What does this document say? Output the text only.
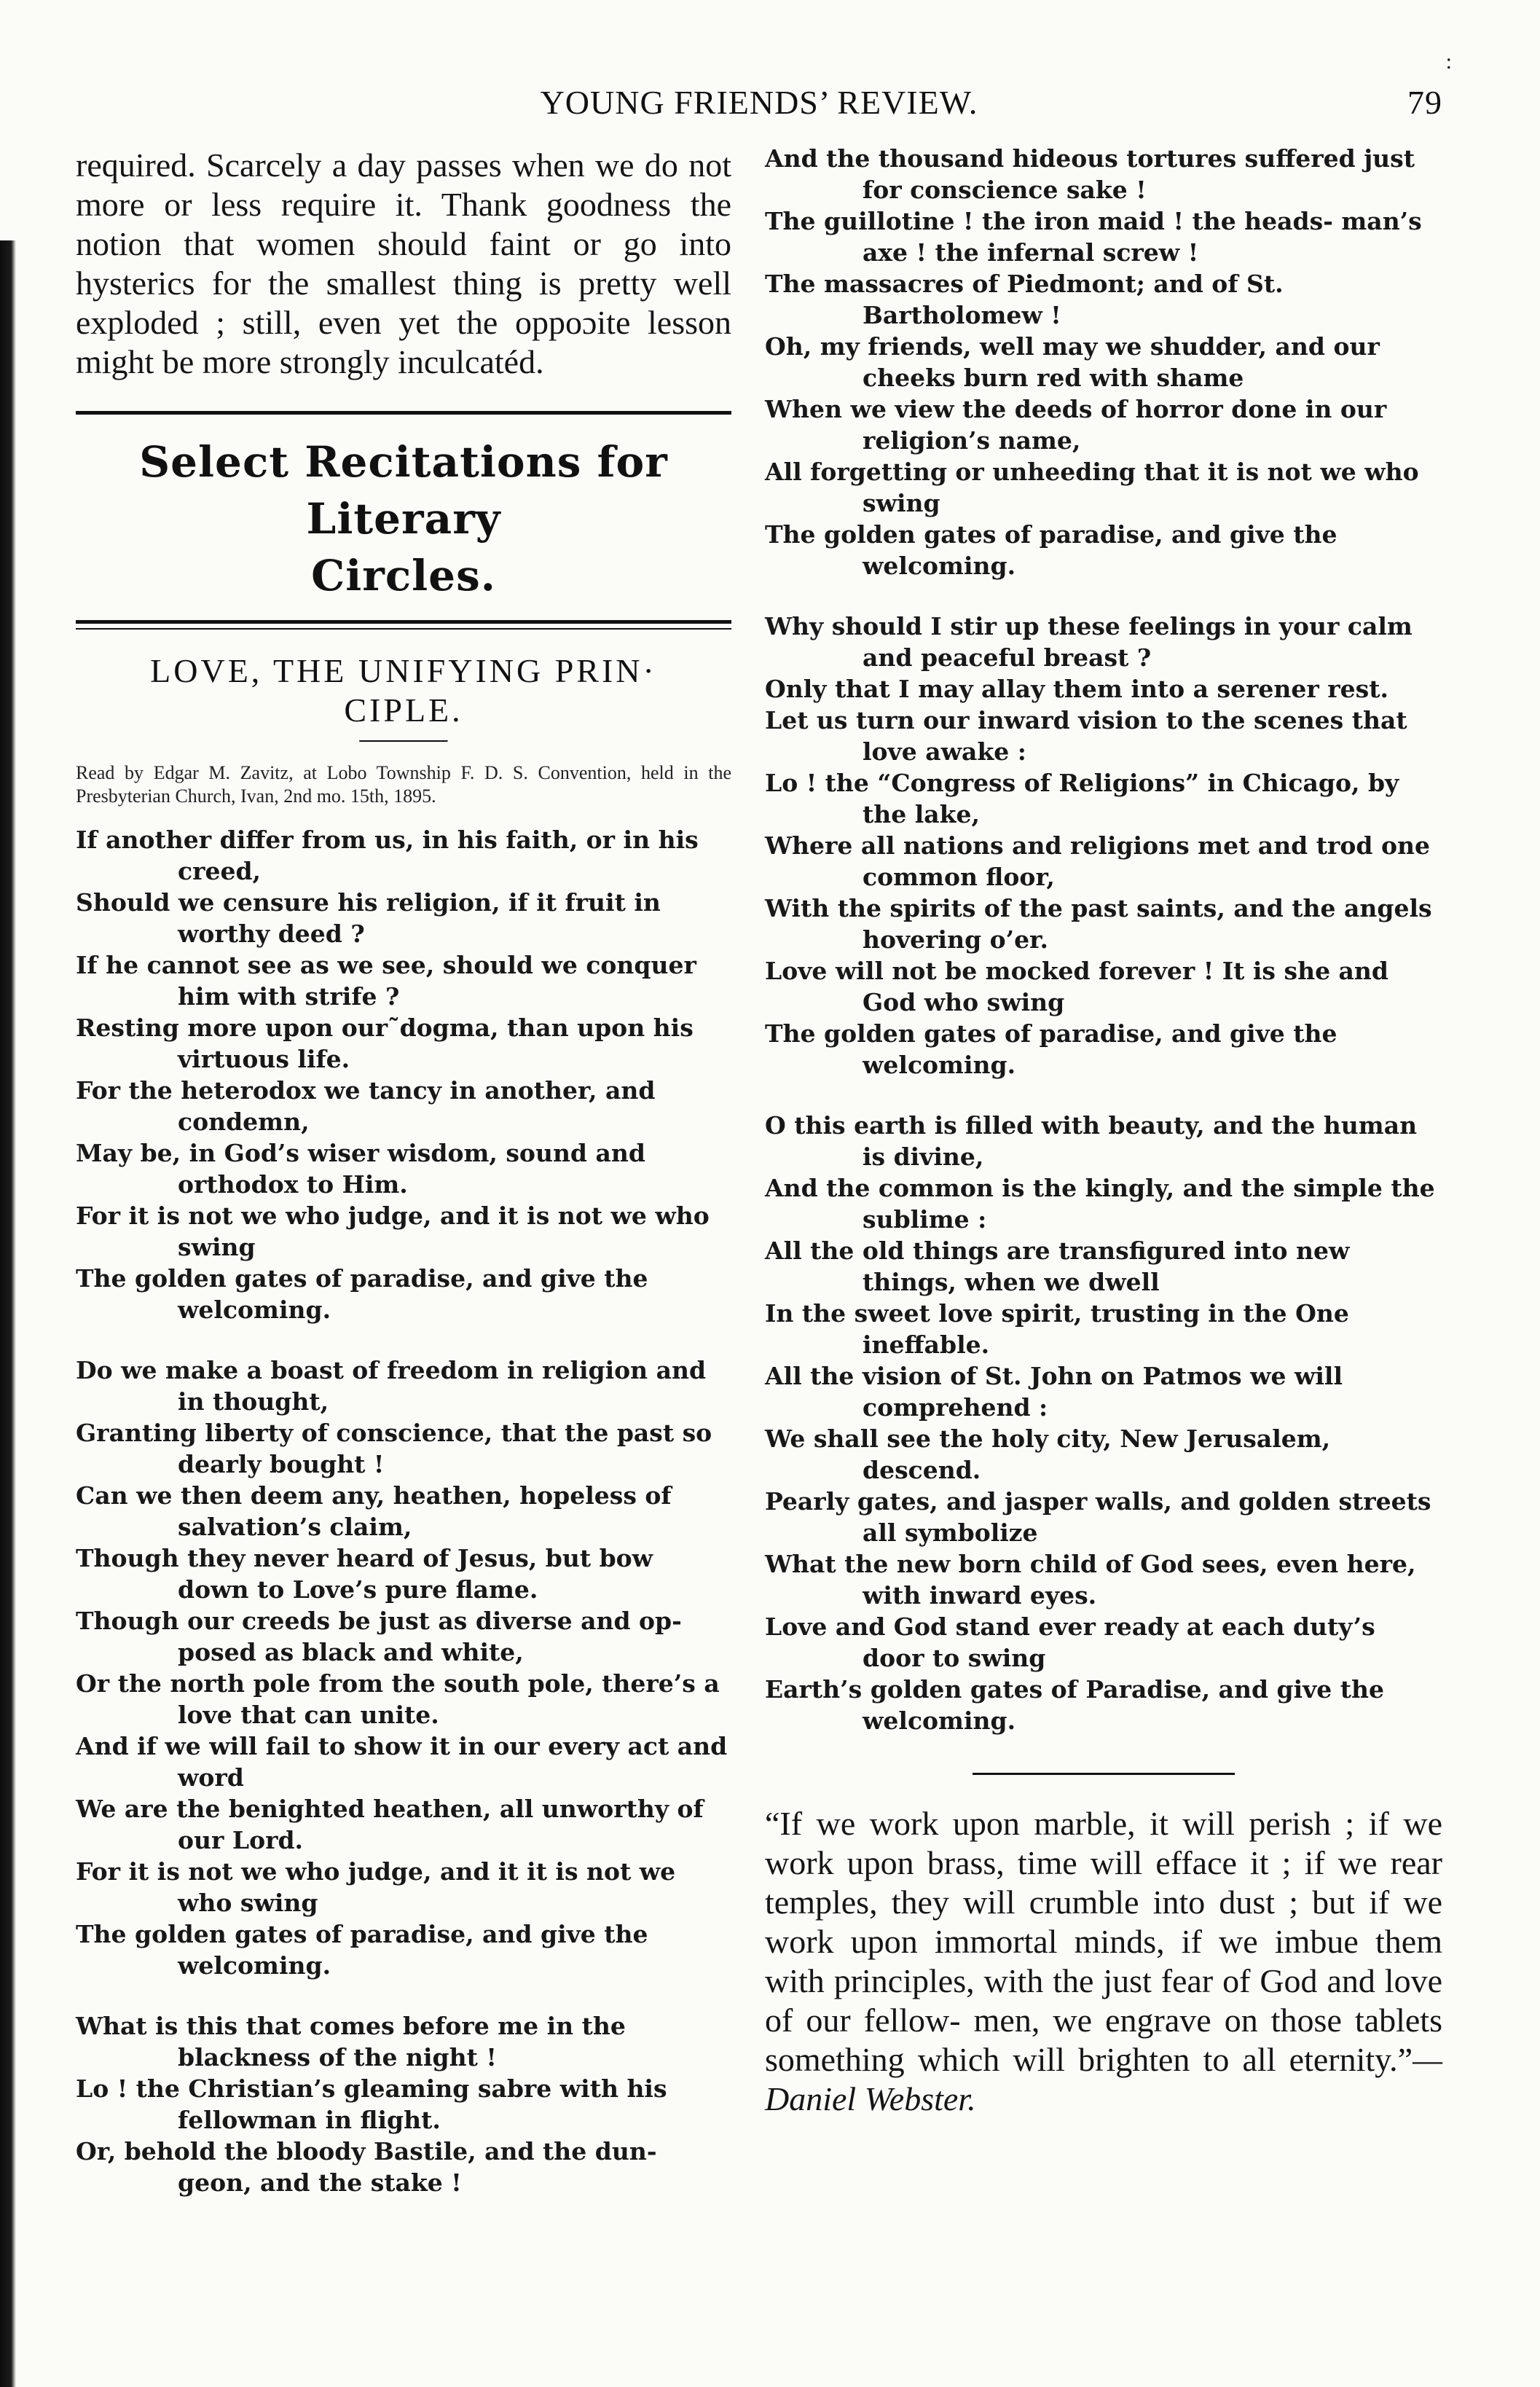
YOUNG FRIENDS’ REVIEW.	79
:

required. Scarcely a day passes when we do not more or less require it. Thank goodness the notion that women should faint or go into hysterics for the smallest thing is pretty well exploded ; still, even yet the oppoɔite lesson might be more strongly inculcatéd.

Select Recitations for Literary
Circles.
LOVE, THE UNIFYING PRIN·
CIPLE.

Read by Edgar M. Zavitz, at Lobo Township F. D. S. Convention, held in the Presbyterian Church, Ivan, 2nd mo. 15th, 1895.

If another differ from us, in his faith, or in his creed,
Should we censure his religion, if it fruit in worthy deed ?
If he cannot see as we see, should we conquer him with strife ?
Resting more upon our˜dogma, than upon his virtuous life.
For the heterodox we tancy in another, and condemn,
May be, in God’s wiser wisdom, sound and orthodox to Him.
For it is not we who judge, and it is not we who swing
The golden gates of paradise, and give the welcoming.
Do we make a boast of freedom in religion and in thought,
Granting liberty of conscience, that the past so dearly bought !
Can we then deem any, heathen, hopeless of salvation’s claim,
Though they never heard of Jesus, but bow down to Love’s pure flame.
Though our creeds be just as diverse and op- posed as black and white,
Or the north pole from the south pole, there’s a love that can unite.
And if we will fail to show it in our every act and word
We are the benighted heathen, all unworthy of our Lord.
For it is not we who judge, and it it is not we who swing
The golden gates of paradise, and give the welcoming.
What is this that comes before me in the blackness of the night !
Lo ! the Christian’s gleaming sabre with his fellowman in flight.
Or, behold the bloody Bastile, and the dun- geon, and the stake !
And the thousand hideous tortures suffered just for conscience sake !
The guillotine ! the iron maid ! the heads- man’s axe ! the infernal screw !
The massacres of Piedmont; and of St. Bartholomew !
Oh, my friends, well may we shudder, and our cheeks burn red with shame
When we view the deeds of horror done in our religion’s name,
All forgetting or unheeding that it is not we who swing
The golden gates of paradise, and give the welcoming.
Why should I stir up these feelings in your calm and peaceful breast ?
Only that I may allay them into a serener rest.
Let us turn our inward vision to the scenes that love awake :
Lo ! the “Congress of Religions” in Chicago, by the lake,
Where all nations and religions met and trod one common floor,
With the spirits of the past saints, and the angels hovering o’er.
Love will not be mocked forever ! It is she and God who swing
The golden gates of paradise, and give the welcoming.
O this earth is filled with beauty, and the human is divine,
And the common is the kingly, and the simple the sublime :
All the old things are transfigured into new things, when we dwell
In the sweet love spirit, trusting in the One ineffable.
All the vision of St. John on Patmos we will comprehend :
We shall see the holy city, New Jerusalem, descend.
Pearly gates, and jasper walls, and golden streets all symbolize
What the new born child of God sees, even here, with inward eyes.
Love and God stand ever ready at each duty’s door to swing
Earth’s golden gates of Paradise, and give the welcoming.

“If we work upon marble, it will perish ; if we work upon brass, time will efface it ; if we rear temples, they will crumble into dust ; but if we work upon immortal minds, if we imbue them with principles, with the just fear of God and love of our fellow- men, we engrave on those tablets something which will brighten to all eternity.”—Daniel Webster.
